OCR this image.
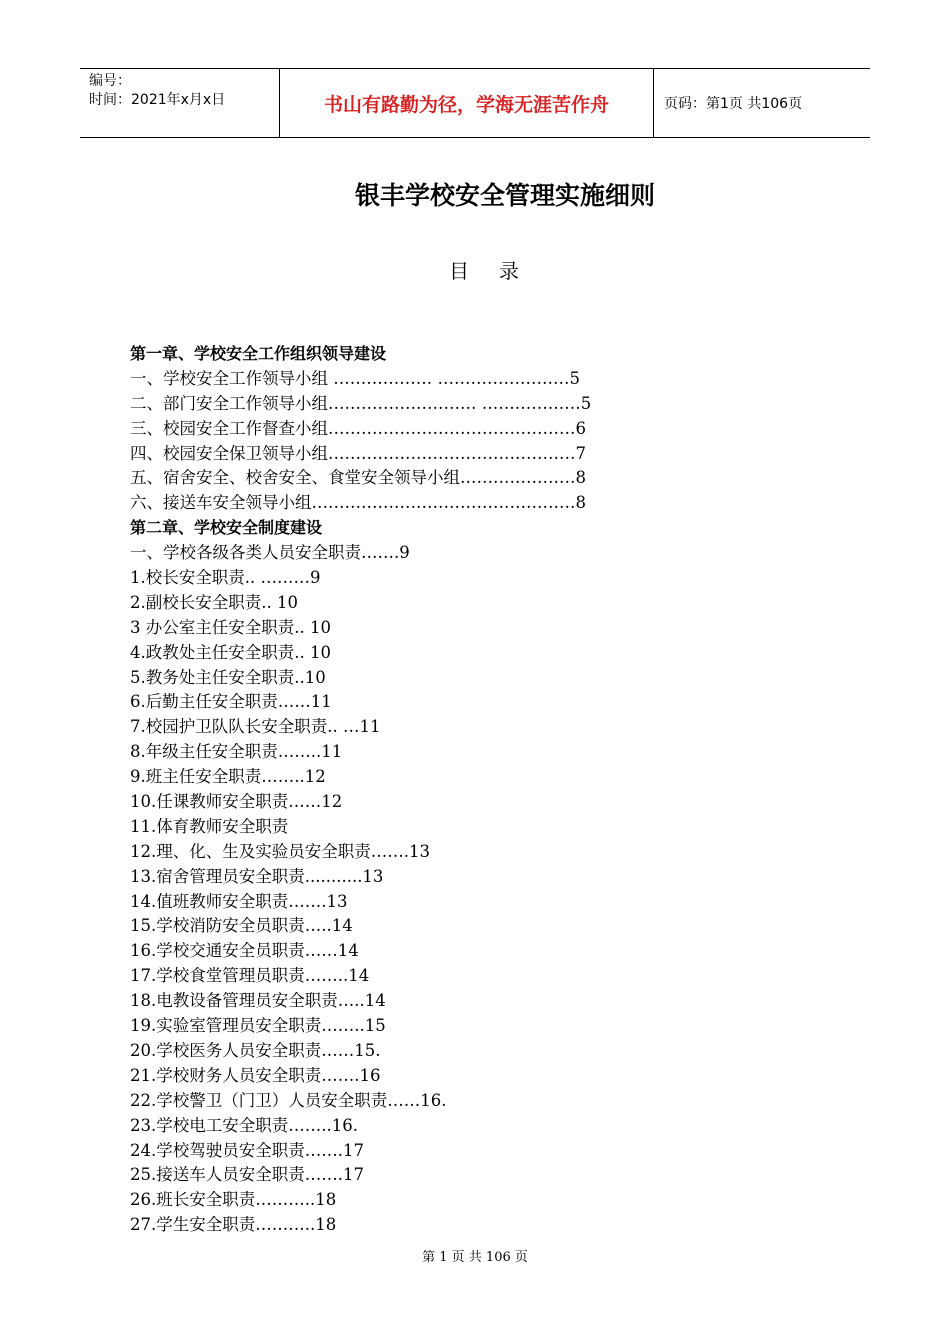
编号：
时间：2021年x月x日	书山有路勤为径，学海无涯苦作舟	页码：第1页 共106页
银丰学校安全管理实施细则
目录
第一章、学校安全工作组织领导建设
一、学校安全工作领导小组 ……………… ……………………5
二、部门安全工作领导小组……………………… ………………5
三、校园安全工作督查小组………………………………………6
四、校园安全保卫领导小组………………………………………7
五、宿舍安全、校舍安全、食堂安全领导小组…………………8
六、接送车安全领导小组…………………………………………8
第二章、学校安全制度建设
一、学校各级各类人员安全职责…….9
1.校长安全职责.. ………9
2.副校长安全职责.. 10
3 办公室主任安全职责.. 10
4.政教处主任安全职责.. 10
5.教务处主任安全职责..10
6.后勤主任安全职责……11
7.校园护卫队队长安全职责.. …11
8.年级主任安全职责……..11
9.班主任安全职责……..12
10.任课教师安全职责……12
11.体育教师安全职责
12.理、化、生及实验员安全职责…….13
13.宿舍管理员安全职责...........13
14.值班教师安全职责…….13
15.学校消防安全员职责…..14
16.学校交通安全员职责……14
17.学校食堂管理员职责……..14
18.电教设备管理员安全职责…..14
19.实验室管理员安全职责……..15
20.学校医务人员安全职责……15.
21.学校财务人员安全职责…….16
22.学校警卫（门卫）人员安全职责……16.
23.学校电工安全职责……..16.
24.学校驾驶员安全职责…….17
25.接送车人员安全职责…….17
26.班长安全职责………..18
27.学生安全职责………..18
第 1 页 共 106 页
